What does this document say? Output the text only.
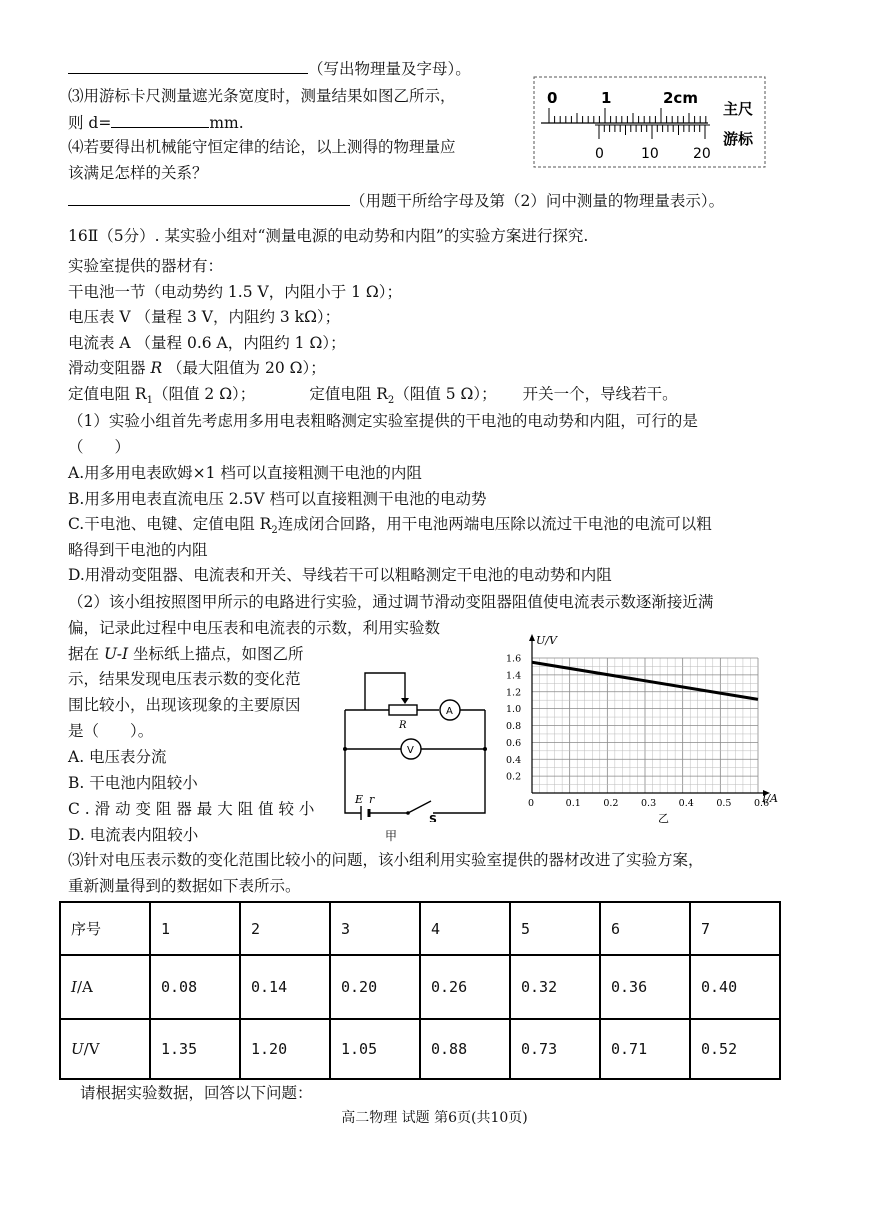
（写出物理量及字母）。
⑶用游标卡尺测量遮光条宽度时，测量结果如图乙所示，
则 d=	mm.
⑷若要得出机械能守恒定律的结论，以上测得的物理量应
该满足怎样的关系？
（用题干所给字母及第（2）问中测量的物理量表示）。
0	1	2cm
主尺
游标
0	10 20
16Ⅱ（5分）. 某实验小组对“测量电源的电动势和内阻”的实验方案进行探究.
实验室提供的器材有：
干电池一节（电动势约 1.5 V，内阻小于 1 Ω）；
电压表 V （量程 3 V，内阻约 3 kΩ）；
电流表 A （量程 0.6 A，内阻约 1 Ω）；
滑动变阻器 R （最大阻值为 20 Ω）；
定值电阻 $R_1$（阻值 2 Ω）；	定值电阻 $R_2$（阻值 5 Ω）； 开关一个，导线若干。
（1）实验小组首先考虑用多用电表粗略测定实验室提供的干电池的电动势和内阻，可行的是
（　　）
A.用多用电表欧姆×1 档可以直接粗测干电池的内阻
B.用多用电表直流电压 2.5V 档可以直接粗测干电池的电动势
C.干电池、电键、定值电阻 $R_2$连成闭合回路，用干电池两端电压除以流过干电池的电流可以粗
略得到干电池的内阻
D.用滑动变阻器、电流表和开关、导线若干可以粗略测定干电池的电动势和内阻
（2）该小组按照图甲所示的电路进行实验，通过调节滑动变阻器阻值使电流表示数逐渐接近满
偏，记录此过程中电压表和电流表的示数，利用实验数
据在 U-I 坐标纸上描点，如图乙所
示，结果发现电压表示数的变化范
围比较小，出现该现象的主要原因
是（　　）。
A. 电压表分流
B. 干电池内阻较小
C . 滑 动 变 阻 器 最 大 阻 值 较 小
D. 电流表内阻较小
R
A
V
E r
S
甲
0	0.1 0.2 0.3 0.4 0.5 0.6
0.2
0.4
0.6
0.8
1.0
1.2
1.4
1.6
U/V
I/A
乙
⑶针对电压表示数的变化范围比较小的问题，该小组利用实验室提供的器材改进了实验方案，
重新测量得到的数据如下表所示。
序号	1	2	3	4	5	6	7
I/A	0.08	0.14	0.20	0.26	0.32	0.36	0.40
U/V	1.35	1.20	1.05	0.88	0.73	0.71	0.52
请根据实验数据，回答以下问题：
高二物理 试题 第6页(共10页)
